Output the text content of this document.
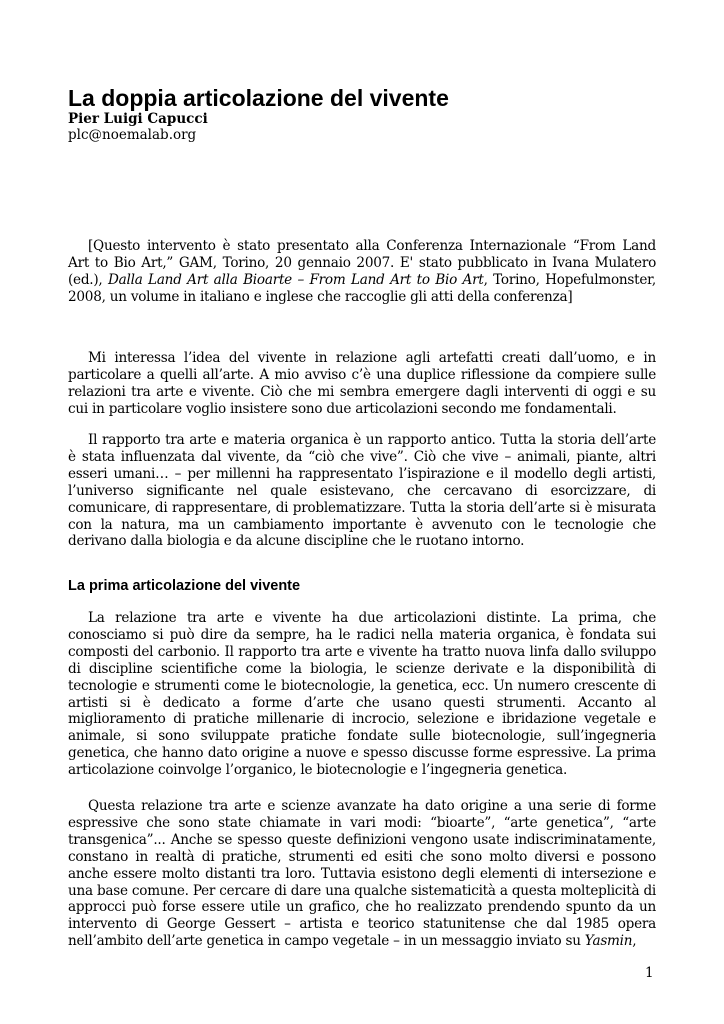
La doppia articolazione del vivente

Pier Luigi Capucci

plc@noemalab.org

[Questo intervento è stato presentato alla Conferenza Internazionale “From Land Art to Bio Art,” GAM, Torino, 20 gennaio 2007. E' stato pubblicato in Ivana Mulatero (ed.), Dalla Land Art alla Bioarte – From Land Art to Bio Art, Torino, Hopefulmonster, 2008, un volume in italiano e inglese che raccoglie gli atti della conferenza]

Mi interessa l’idea del vivente in relazione agli artefatti creati dall’uomo, e in particolare a quelli all’arte. A mio avviso c’è una duplice riflessione da compiere sulle relazioni tra arte e vivente. Ciò che mi sembra emergere dagli interventi di oggi e su cui in particolare voglio insistere sono due articolazioni secondo me fondamentali.

Il rapporto tra arte e materia organica è un rapporto antico. Tutta la storia dell’arte è stata influenzata dal vivente, da “ciò che vive”. Ciò che vive – animali, piante, altri esseri umani… – per millenni ha rappresentato l’ispirazione e il modello degli artisti, l’universo significante nel quale esistevano, che cercavano di esorcizzare, di comunicare, di rappresentare, di problematizzare. Tutta la storia dell’arte si è misurata con la natura, ma un cambiamento importante è avvenuto con le tecnologie che derivano dalla biologia e da alcune discipline che le ruotano intorno.

La prima articolazione del vivente

La relazione tra arte e vivente ha due articolazioni distinte. La prima, che conosciamo si può dire da sempre, ha le radici nella materia organica, è fondata sui composti del carbonio. Il rapporto tra arte e vivente ha tratto nuova linfa dallo sviluppo di discipline scientifiche come la biologia, le scienze derivate e la disponibilità di tecnologie e strumenti come le biotecnologie, la genetica, ecc. Un numero crescente di artisti si è dedicato a forme d’arte che usano questi strumenti. Accanto al miglioramento di pratiche millenarie di incrocio, selezione e ibridazione vegetale e animale, si sono sviluppate pratiche fondate sulle biotecnologie, sull’ingegneria genetica, che hanno dato origine a nuove e spesso discusse forme espressive. La prima articolazione coinvolge l’organico, le biotecnologie e l’ingegneria genetica.

Questa relazione tra arte e scienze avanzate ha dato origine a una serie di forme espressive che sono state chiamate in vari modi: “bioarte”, “arte genetica”, “arte transgenica”... Anche se spesso queste definizioni vengono usate indiscriminatamente, constano in realtà di pratiche, strumenti ed esiti che sono molto diversi e possono anche essere molto distanti tra loro. Tuttavia esistono degli elementi di intersezione e una base comune. Per cercare di dare una qualche sistematicità a questa molteplicità di approcci può forse essere utile un grafico, che ho realizzato prendendo spunto da un intervento di George Gessert – artista e teorico statunitense che dal 1985 opera nell’ambito dell’arte genetica in campo vegetale – in un messaggio inviato su Yasmin,

1
